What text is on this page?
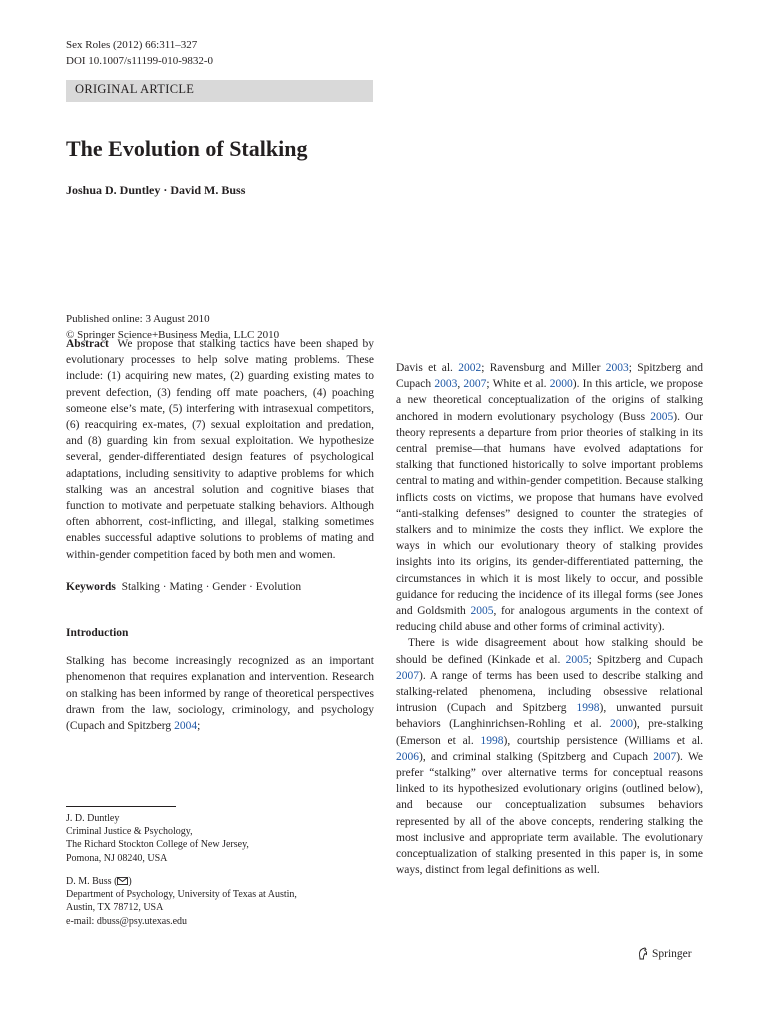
Sex Roles (2012) 66:311–327
DOI 10.1007/s11199-010-9832-0
ORIGINAL ARTICLE
The Evolution of Stalking
Joshua D. Duntley · David M. Buss
Published online: 3 August 2010
© Springer Science+Business Media, LLC 2010

Abstract We propose that stalking tactics have been shaped by evolutionary processes to help solve mating problems. These include: (1) acquiring new mates, (2) guarding existing mates to prevent defection, (3) fending off mate poachers, (4) poaching someone else’s mate, (5) interfering with intrasexual competitors, (6) reacquiring ex-mates, (7) sexual exploitation and predation, and (8) guarding kin from sexual exploitation. We hypothesize several, gender-differentiated design features of psychological adaptations, including sensitivity to adaptive problems for which stalking was an ancestral solution and cognitive biases that function to motivate and perpetuate stalking behaviors. Although often abhorrent, cost-inflicting, and illegal, stalking sometimes enables successful adaptive solutions to problems of mating and within-gender competition faced by both men and women.

Keywords Stalking · Mating · Gender · Evolution

Introduction

Stalking has become increasingly recognized as an important phenomenon that requires explanation and intervention. Research on stalking has been informed by range of theoretical perspectives drawn from the law, sociology, criminology, and psychology (Cupach and Spitzberg 2004;

Davis et al. 2002; Ravensburg and Miller 2003; Spitzberg and Cupach 2003, 2007; White et al. 2000). In this article, we propose a new theoretical conceptualization of the origins of stalking anchored in modern evolutionary psychology (Buss 2005). Our theory represents a departure from prior theories of stalking in its central premise—that humans have evolved adaptations for stalking that functioned historically to solve important problems central to mating and within-gender competition. Because stalking inflicts costs on victims, we propose that humans have evolved “anti-stalking defenses” designed to counter the strategies of stalkers and to minimize the costs they inflict. We explore the ways in which our evolutionary theory of stalking provides insights into its origins, its gender-differentiated patterning, the circumstances in which it is most likely to occur, and possible guidance for reducing the incidence of its illegal forms (see Jones and Goldsmith 2005, for analogous arguments in the context of reducing child abuse and other forms of criminal activity).

There is wide disagreement about how stalking should be should be defined (Kinkade et al. 2005; Spitzberg and Cupach 2007). A range of terms has been used to describe stalking and stalking-related phenomena, including obsessive relational intrusion (Cupach and Spitzberg 1998), unwanted pursuit behaviors (Langhinrichsen-Rohling et al. 2000), pre-stalking (Emerson et al. 1998), courtship persistence (Williams et al. 2006), and criminal stalking (Spitzberg and Cupach 2007). We prefer “stalking” over alternative terms for conceptual reasons linked to its hypothesized evolutionary origins (outlined below), and because our conceptualization subsumes behaviors represented by all of the above concepts, rendering stalking the most inclusive and appropriate term available. The evolutionary conceptualization of stalking presented in this paper is, in some ways, distinct from legal definitions as well.

J. D. Duntley
Criminal Justice & Psychology,
The Richard Stockton College of New Jersey,
Pomona, NJ 08240, USA
D. M. Buss ( )
Department of Psychology, University of Texas at Austin,
Austin, TX 78712, USA
e-mail: dbuss@psy.utexas.edu
Springer
